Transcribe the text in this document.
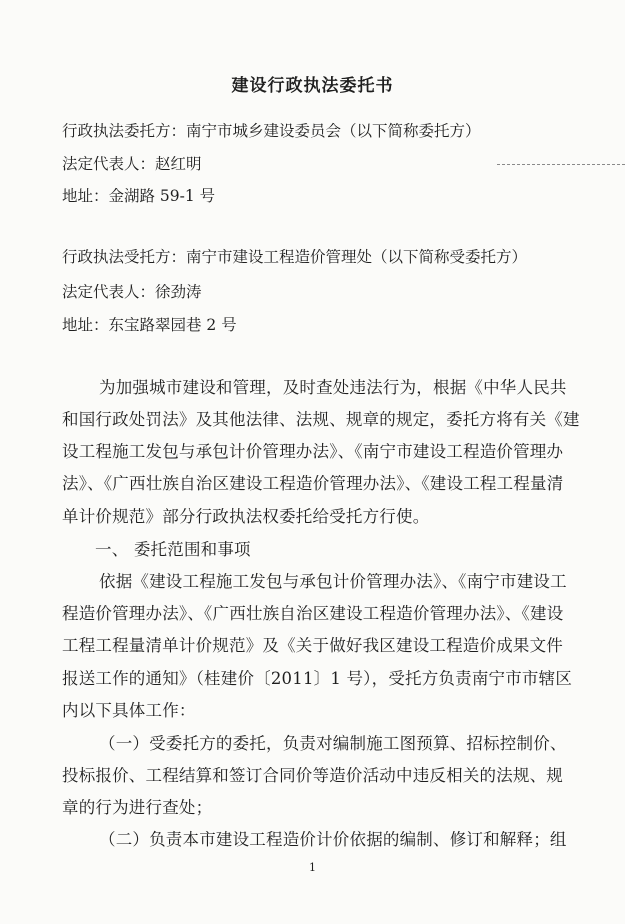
建设行政执法委托书
行政执法委托方：南宁市城乡建设委员会（以下简称委托方）
法定代表人：赵红明
地址：金湖路 59-1 号
行政执法受托方：南宁市建设工程造价管理处（以下简称受委托方）
法定代表人：徐劲涛
地址：东宝路翠园巷 2 号
为加强城市建设和管理，及时查处违法行为，根据《中华人民共
和国行政处罚法》及其他法律、法规、规章的规定，委托方将有关《建
设工程施工发包与承包计价管理办法》、《南宁市建设工程造价管理办
法》、《广西壮族自治区建设工程造价管理办法》、《建设工程工程量清
单计价规范》部分行政执法权委托给受托方行使。
一、 委托范围和事项
依据《建设工程施工发包与承包计价管理办法》、《南宁市建设工
程造价管理办法》、《广西壮族自治区建设工程造价管理办法》、《建设
工程工程量清单计价规范》及《关于做好我区建设工程造价成果文件
报送工作的通知》（桂建价〔2011〕1 号），受托方负责南宁市市辖区
内以下具体工作：
（一）受委托方的委托，负责对编制施工图预算、招标控制价、
投标报价、工程结算和签订合同价等造价活动中违反相关的法规、规
章的行为进行查处；
（二）负责本市建设工程造价计价依据的编制、修订和解释；组
1
